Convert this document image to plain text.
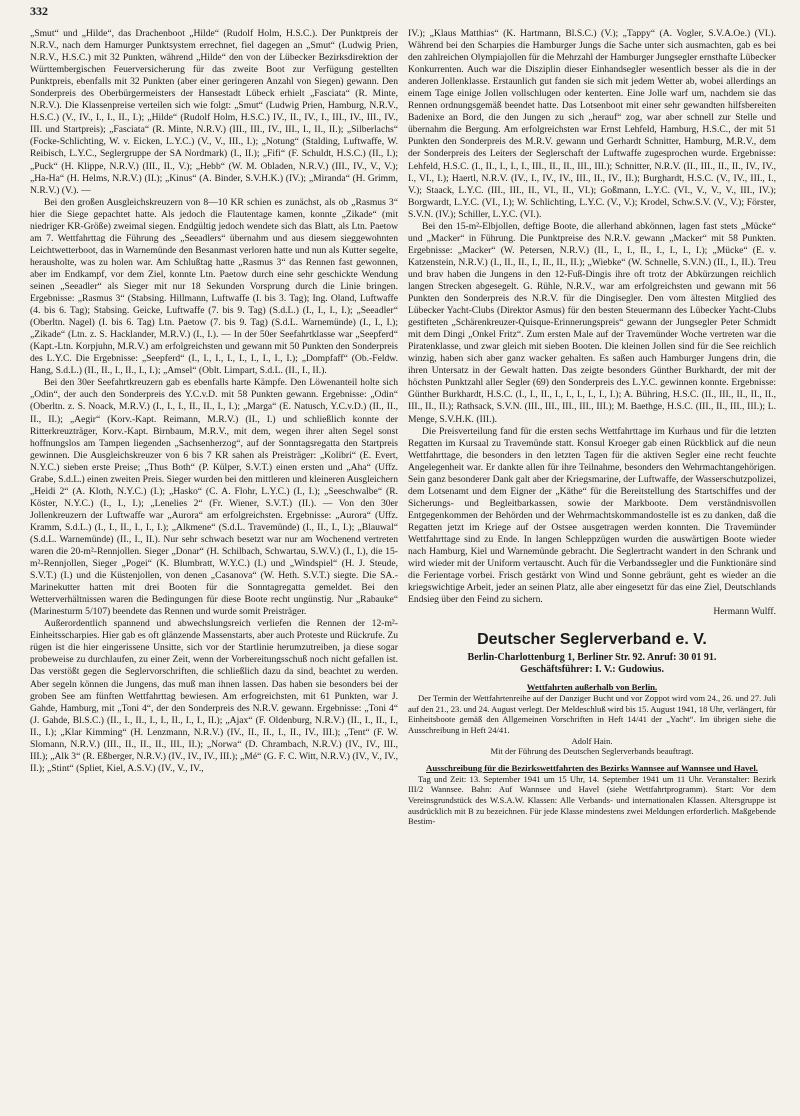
332

„Smut“ und „Hilde“, das Drachenboot „Hilde“ (Rudolf Holm, H.S.C.). Der Punktpreis der N.R.V., nach dem Hamurger Punktsystem errechnet, fiel dagegen an „Smut“ (Ludwig Prien, N.R.V., H.S.C.) mit 32 Punkten, während „Hilde“ den von der Lübecker Bezirksdirektion der Württembergischen Feuerversicherung für das zweite Boot zur Verfügung gestellten Punktpreis, ebenfalls mit 32 Punkten (aber einer geringeren Anzahl von Siegen) gewann. Den Sonderpreis des Oberbürgermeisters der Hansestadt Lübeck erhielt „Fasciata“ (R. Minte, N.R.V.). Die Klassenpreise verteilen sich wie folgt: „Smut“ (Ludwig Prien, Hamburg, N.R.V., H.S.C.) (V., IV., I., I., II., I.); „Hilde“ (Rudolf Holm, H.S.C.) IV., II., IV., I., III., IV., III., IV., III. und Startpreis); „Fasciata“ (R. Minte, N.R.V.) (III., III., IV., III., I., II., II.); „Silberlachs“ (Focke-Schlichting, W. v. Eicken, L.Y.C.) (V., V., III., I.); „Notung“ (Stalding, Luftwaffe, W. Reibisch, L.Y.C., Seglergruppe der SA Nordmark) (I., II.); „Fifi“ (F. Schuldt, H.S.C.) (II., I.); „Puck“ (H. Klippe, N.R.V.) (III., II., V.); „Hebb“ (W. M. Obladen, N.R.V.) (III., IV., V., V.); „Ha-Ha“ (H. Helms, N.R.V.) (II.); „Kinus“ (A. Binder, S.V.H.K.) (IV.); „Miranda“ (H. Grimm, N.R.V.) (V.). —

Bei den großen Ausgleichskreuzern von 8—10 KR schien es zunächst, als ob „Rasmus 3“ hier die Siege gepachtet hatte. Als jedoch die Flautentage kamen, konnte „Zikade“ (mit niedriger KR-Größe) zweimal siegen. Endgültig jedoch wendete sich das Blatt, als Ltn. Paetow am 7. Wettfahrttag die Führung des „Seeadlers“ übernahm und aus diesem sieggewohnten Leichtwetterboot, das in Warnemünde den Besanmast verloren hatte und nun als Kutter segelte, herausholte, was zu holen war. Am Schlußtag hatte „Rasmus 3“ das Rennen fast gewonnen, aber im Endkampf, vor dem Ziel, konnte Ltn. Paetow durch eine sehr geschickte Wendung seinen „Seeadler“ als Sieger mit nur 18 Sekunden Vorsprung durch die Linie bringen. Ergebnisse: „Rasmus 3“ (Stabsing. Hillmann, Luftwaffe (I. bis 3. Tag); Ing. Oland, Luftwaffe (4. bis 6. Tag); Stabsing. Geicke, Luftwaffe (7. bis 9. Tag) (S.d.L.) (I., I., I., I.); „Seeadler“ (Oberltn. Nagel) (I. bis 6. Tag) Ltn. Paetow (7. bis 9. Tag) (S.d.L. Warnemünde) (I., I., I.); „Zikade“ (Ltn. z. S. Hacklander, M.R.V.) (I., I.). — In der 50er Seefahrtklasse war „Seepferd“ (Kapt.-Ltn. Korpjuhn, M.R.V.) am erfolgreichsten und gewann mit 50 Punkten den Sonderpreis des L.Y.C. Die Ergebnisse: „Seepferd“ (I., I., I., I., I., I., I., I., I.); „Dompfaff“ (Ob.-Feldw. Hang, S.d.L.) (II., II., I., II., I., I.); „Amsel“ (Oblt. Limpart, S.d.L. (II., I., II.).

Bei den 30er Seefahrtkreuzern gab es ebenfalls harte Kämpfe. Den Löwenanteil holte sich „Odin“, der auch den Sonderpreis des Y.C.v.D. mit 58 Punkten gewann. Ergebnisse: „Odin“ (Oberltn. z. S. Noack, M.R.V.) (I., I., I., II., II., I., I.); „Marga“ (E. Natusch, Y.C.v.D.) (II., II., II., II.); „Aegir“ (Korv.-Kapt. Reimann, M.R.V.) (II., I.) und schließlich konnte der Ritterkreuzträger, Korv.-Kapt. Birnbaum, M.R.V., mit dem, wegen ihrer alten Segel sonst hoffnungslos am Tampen liegenden „Sachsenherzog“, auf der Sonntagsregatta den Startpreis gewinnen. Die Ausgleichskreuzer von 6 bis 7 KR sahen als Preisträger: „Kolibri“ (E. Evert, N.Y.C.) sieben erste Preise; „Thus Both“ (P. Külper, S.V.T.) einen ersten und „Aha“ (Uffz. Grabe, S.d.L.) einen zweiten Preis. Sieger wurden bei den mittleren und kleineren Ausgleichern „Heidi 2“ (A. Kloth, N.Y.C.) (I.); „Hasko“ (C. A. Flohr, L.Y.C.) (I., I.); „Seeschwalbe“ (R. Köster, N.Y.C.) (I., I., I.); „Lenelies 2“ (Fr. Wiener, S.V.T.) (II.). — Von den 30er Jollenkreuzern der Luftwaffe war „Aurora“ am erfolgreichsten. Ergebnisse: „Aurora“ (Uffz. Kramm, S.d.L.) (I., I., II., I., I., I.); „Alkmene“ (S.d.L. Travemünde) (I., II., I., I.); „Blauwal“ (S.d.L. Warnemünde) (II., I., II.). Nur sehr schwach besetzt war nur am Wochenend vertreten waren die 20-m²-Rennjollen. Sieger „Donar“ (H. Schilbach, Schwartau, S.W.V.) (I., I.), die 15-m²-Rennjollen, Sieger „Pogei“ (K. Blumbratt, W.Y.C.) (I.) und „Windspiel“ (H. J. Steude, S.V.T.) (I.) und die Küstenjollen, von denen „Casanova“ (W. Heth. S.V.T.) siegte. Die SA.-Marinekutter hatten mit drei Booten für die Sonntagregatta gemeldet. Bei den Wetterverhältnissen waren die Bedingungen für diese Boote recht ungünstig. Nur „Rabauke“ (Marinesturm 5/107) beendete das Rennen und wurde somit Preisträger.

Außerordentlich spannend und abwechslungsreich verliefen die Rennen der 12-m²-Einheitsscharpies. Hier gab es oft glänzende Massenstarts, aber auch Proteste und Rückrufe. Zu rügen ist die hier eingerissene Unsitte, sich vor der Startlinie herumzutreiben, ja diese sogar probeweise zu durchlaufen, zu einer Zeit, wenn der Vorbereitungsschuß noch nicht gefallen ist. Das verstößt gegen die Seglervorschriften, die schließlich dazu da sind, beachtet zu werden. Aber segeln können die Jungens, das muß man ihnen lassen. Das haben sie besonders bei der groben See am fünften Wettfahrttag bewiesen. Am erfogreichsten, mit 61 Punkten, war J. Gahde, Hamburg, mit „Toni 4“, der den Sonderpreis des N.R.V. gewann. Ergebnisse: „Toni 4“ (J. Gahde, Bl.S.C.) (II., I., II., I., I., II., I., I., II.); „Ajax“ (F. Oldenburg, N.R.V.) (II., I., II., I., II., I.); „Klar Kimming“ (H. Lenzmann, N.R.V.) (IV., II., II., I., II., IV., III.); „Tent“ (F. W. Slomann, N.R.V.) (III., II., II., II., III., II.); „Norwa“ (D. Chrambach, N.R.V.) (IV., IV., III., III.); „Alk 3“ (R. Eßberger, N.R.V.) (IV., IV., IV., III.); „Mé“ (G. F. C. Witt, N.R.V.) (IV., V., IV., II.); „Stint“ (Spliet, Kiel, A.S.V.) (IV., V., IV.,

IV.); „Klaus Matthias“ (K. Hartmann, Bl.S.C.) (V.); „Tappy“ (A. Vogler, S.V.A.Oe.) (VI.). Während bei den Scharpies die Hamburger Jungs die Sache unter sich ausmachten, gab es bei den zahlreichen Olympiajollen für die Mehrzahl der Hamburger Jungsegler ernsthafte Lübecker Konkurrenten. Auch war die Disziplin dieser Einhandsegler wesentlich besser als die in der anderen Jollenklasse. Erstaunlich gut fanden sie sich mit jedem Wetter ab, wobei allerdings an einem Tage einige Jollen vollschlugen oder kenterten. Eine Jolle warf um, nachdem sie das Rennen ordnungsgemäß beendet hatte. Das Lotsenboot mit einer sehr gewandten hilfsbereiten Badenixe an Bord, die den Jungen zu sich „herauf“ zog, war aber schnell zur Stelle und übernahm die Bergung. Am erfolgreichsten war Ernst Lehfeld, Hamburg, H.S.C., der mit 51 Punkten den Sonderpreis des M.R.V. gewann und Gerhardt Schnitter, Hamburg, M.R.V., dem der Sonderpreis des Leiters der Seglerschaft der Luftwaffe zugesprochen wurde. Ergebnisse: Lehfeld, H.S.C. (I., II., I., I., I., III., II., II., III., III.); Schnitter, N.R.V. (II., III., II., II., IV., IV., I., VI., I.); Haertl, N.R.V. (IV., I., IV., IV., III., II., IV., II.); Burghardt, H.S.C. (V., IV., III., I., V.); Staack, L.Y.C. (III., III., II., VI., II., VI.); Goßmann, L.Y.C. (VI., V., V., V., III., IV.); Borgwardt, L.Y.C. (VI., I.); W. Schlichting, L.Y.C. (V., V.); Krodel, Schw.S.V. (V., V.); Förster, S.V.N. (IV.); Schiller, L.Y.C. (VI.).

Bei den 15-m²-Elbjollen, deftige Boote, die allerhand abkönnen, lagen fast stets „Mücke“ und „Macker“ in Führung. Die Punktpreise des N.R.V. gewann „Macker“ mit 58 Punkten. Ergebnisse: „Macker“ (W. Petersen, N.R.V.) (II., I., I., II., I., I., I., I.); „Mücke“ (E. v. Katzenstein, N.R.V.) (I., II., II., I., II., II., II.); „Wiebke“ (W. Schnelle, S.V.N.) (II., I., II.). Treu und brav haben die Jungens in den 12-Fuß-Dingis ihre oft trotz der Abkürzungen reichlich langen Strecken abgesegelt. G. Rühle, N.R.V., war am erfolgreichsten und gewann mit 56 Punkten den Sonderpreis des N.R.V. für die Dingisegler. Den vom ältesten Mitglied des Lübecker Yacht-Clubs (Direktor Asmus) für den besten Steuermann des Lübecker Yacht-Clubs gestifteten „Schärenkreuzer-Quisque-Erinnerungspreis“ gewann der Jungsegler Peter Schmidt mit dem Dingi „Onkel Fritz“. Zum ersten Male auf der Travemünder Woche vertreten war die Piratenklasse, und zwar gleich mit sieben Booten. Die kleinen Jollen sind für die See reichlich winzig, haben sich aber ganz wacker gehalten. Es saßen auch Hamburger Jungens drin, die ihren Untersatz in der Gewalt hatten. Das zeigte besonders Günther Burkhardt, der mit der höchsten Punktzahl aller Segler (69) den Sonderpreis des L.Y.C. gewinnen konnte. Ergebnisse: Günther Burkhardt, H.S.C. (I., I., II., I., I., I., I., I., I.); A. Bühring, H.S.C. (II., III., II., II., II., III., II., II.); Rathsack, S.V.N. (III., III., III., III., III.); M. Baethge, H.S.C. (III., II., III., III.); L. Menge, S.V.H.K. (III.).

Die Preisverteilung fand für die ersten sechs Wettfahrttage im Kurhaus und für die letzten Regatten im Kursaal zu Travemünde statt. Konsul Kroeger gab einen Rückblick auf die neun Wettfahrttage, die besonders in den letzten Tagen für die aktiven Segler eine recht feuchte Angelegenheit war. Er dankte allen für ihre Teilnahme, besonders den Wehrmachtangehörigen. Sein ganz besonderer Dank galt aber der Kriegsmarine, der Luftwaffe, der Wasserschutzpolizei, dem Lotsenamt und dem Eigner der „Käthe“ für die Bereitstellung des Startschiffes und der Sicherungs- und Begleitbarkassen, sowie der Markboote. Dem verständnisvollen Entgegenkommen der Behörden und der Wehrmachtskommandostelle ist es zu danken, daß die Regatten jetzt im Kriege auf der Ostsee ausgetragen werden konnten. Die Travemünder Wettfahrttage sind zu Ende. In langen Schleppzügen wurden die auswärtigen Boote wieder nach Hamburg, Kiel und Warnemünde gebracht. Die Seglertracht wandert in den Schrank und wird wieder mit der Uniform vertauscht. Auch für die Verbandssegler und die Funktionäre sind die Ferientage vorbei. Frisch gestärkt von Wind und Sonne gebräunt, geht es wieder an die kriegswichtige Arbeit, jeder an seinen Platz, alle aber eingesetzt für das eine Ziel, Deutschlands Endsieg über den Feind zu sichern.

Hermann Wulff.
Deutscher Seglerverband e. V.
Berlin-Charlottenburg 1, Berliner Str. 92. Anruf: 30 01 91.
Geschäftsführer: I. V.: Gudowius.
Wettfahrten außerhalb von Berlin.

Der Termin der Wettfahrtenreihe auf der Danziger Bucht und vor Zoppot wird vom 24., 26. und 27. Juli auf den 21., 23. und 24. August verlegt. Der Meldeschluß wird bis 15. August 1941, 18 Uhr, verlängert, für Einheitsboote gemäß den Allgemeinen Vorschriften in Heft 14/41 der „Yacht“. Im übrigen siehe die Ausschreibung in Heft 24/41.

Adolf Hain.
Mit der Führung des Deutschen Seglerverbands beauftragt.
Ausschreibung für die Bezirkswettfahrten des Bezirks Wannsee auf Wannsee und Havel.

Tag und Zeit: 13. September 1941 um 15 Uhr, 14. September 1941 um 11 Uhr. Veranstalter: Bezirk III/2 Wannsee. Bahn: Auf Wannsee und Havel (siehe Wettfahrtprogramm). Start: Vor dem Vereinsgrundstück des W.S.A.W. Klassen: Alle Verbands- und internationalen Klassen. Altersgruppe ist ausdrücklich mit B zu bezeichnen. Für jede Klasse mindestens zwei Meldungen erforderlich. Maßgebende Bestim-
